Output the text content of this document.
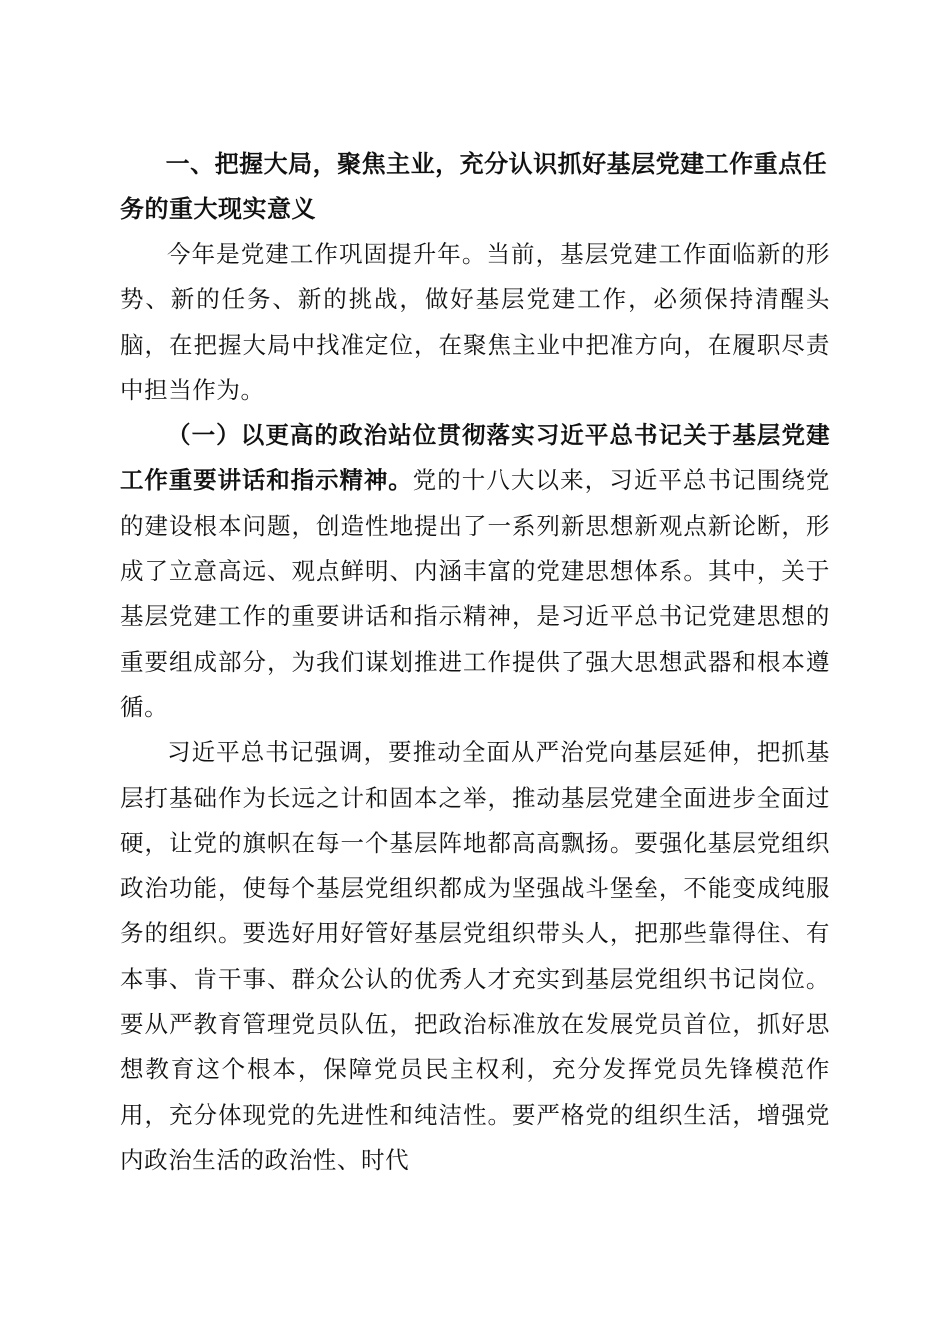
一、把握大局，聚焦主业，充分认识抓好基层党建工作重点任务的重大现实意义

今年是党建工作巩固提升年。当前，基层党建工作面临新的形势、新的任务、新的挑战，做好基层党建工作，必须保持清醒头脑，在把握大局中找准定位，在聚焦主业中把准方向，在履职尽责中担当作为。

（一）以更高的政治站位贯彻落实习近平总书记关于基层党建工作重要讲话和指示精神。党的十八大以来，习近平总书记围绕党的建设根本问题，创造性地提出了一系列新思想新观点新论断，形成了立意高远、观点鲜明、内涵丰富的党建思想体系。其中，关于基层党建工作的重要讲话和指示精神，是习近平总书记党建思想的重要组成部分，为我们谋划推进工作提供了强大思想武器和根本遵循。

习近平总书记强调，要推动全面从严治党向基层延伸，把抓基层打基础作为长远之计和固本之举，推动基层党建全面进步全面过硬，让党的旗帜在每一个基层阵地都高高飘扬。要强化基层党组织政治功能，使每个基层党组织都成为坚强战斗堡垒，不能变成纯服务的组织。要选好用好管好基层党组织带头人，把那些靠得住、有本事、肯干事、群众公认的优秀人才充实到基层党组织书记岗位。要从严教育管理党员队伍，把政治标准放在发展党员首位，抓好思想教育这个根本，保障党员民主权利，充分发挥党员先锋模范作用，充分体现党的先进性和纯洁性。要严格党的组织生活，增强党内政治生活的政治性、时代
